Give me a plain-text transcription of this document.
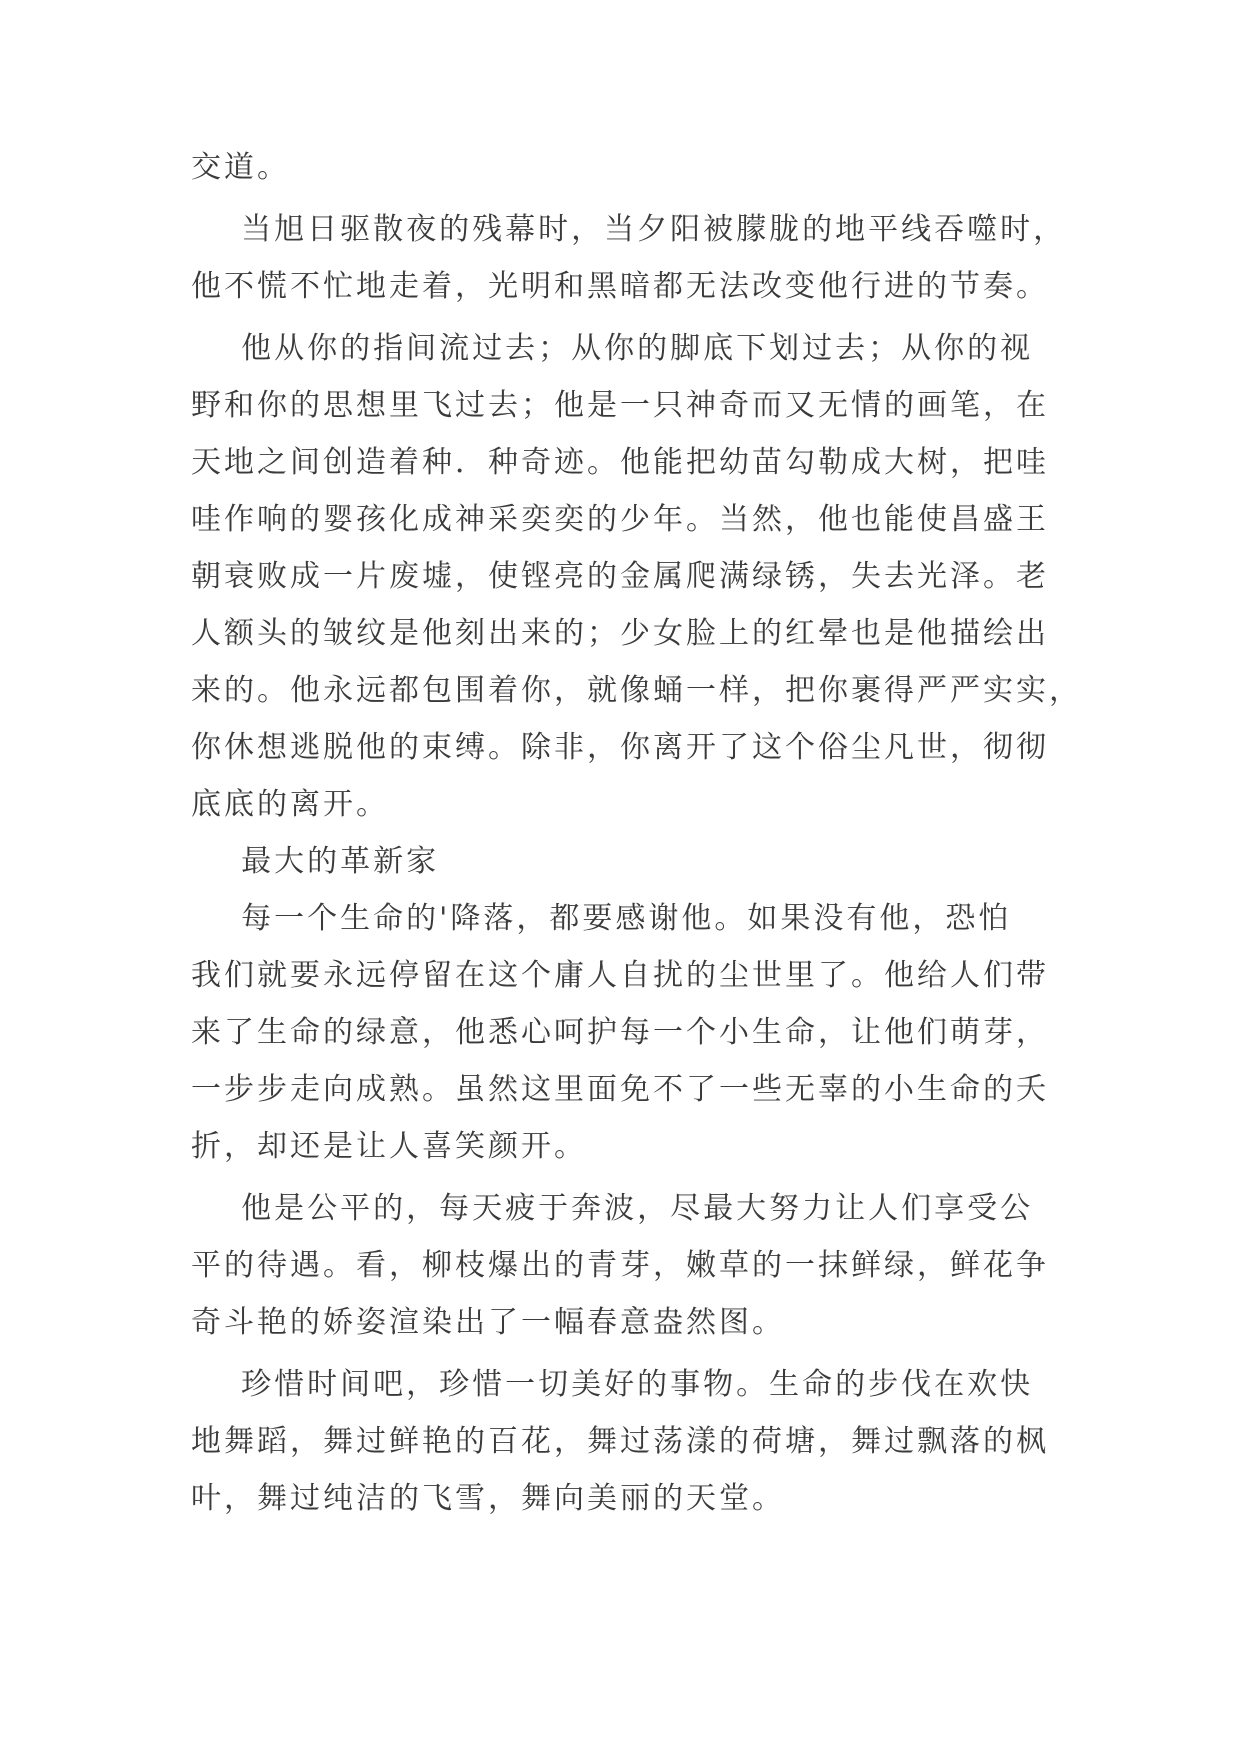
交道。
当旭日驱散夜的残幕时，当夕阳被朦胧的地平线吞噬时，
他不慌不忙地走着，光明和黑暗都无法改变他行进的节奏。
他从你的指间流过去；从你的脚底下划过去；从你的视
野和你的思想里飞过去；他是一只神奇而又无情的画笔，在
天地之间创造着种．种奇迹。他能把幼苗勾勒成大树，把哇
哇作响的婴孩化成神采奕奕的少年。当然，他也能使昌盛王
朝衰败成一片废墟，使铿亮的金属爬满绿锈，失去光泽。老
人额头的皱纹是他刻出来的；少女脸上的红晕也是他描绘出
来的。他永远都包围着你，就像蛹一样，把你裹得严严实实，
你休想逃脱他的束缚。除非，你离开了这个俗尘凡世，彻彻
底底的离开。
最大的革新家
每一个生命的'降落，都要感谢他。如果没有他，恐怕
我们就要永远停留在这个庸人自扰的尘世里了。他给人们带
来了生命的绿意，他悉心呵护每一个小生命，让他们萌芽，
一步步走向成熟。虽然这里面免不了一些无辜的小生命的夭
折，却还是让人喜笑颜开。
他是公平的，每天疲于奔波，尽最大努力让人们享受公
平的待遇。看，柳枝爆出的青芽，嫩草的一抹鲜绿，鲜花争
奇斗艳的娇姿渲染出了一幅春意盎然图。
珍惜时间吧，珍惜一切美好的事物。生命的步伐在欢快
地舞蹈，舞过鲜艳的百花，舞过荡漾的荷塘，舞过飘落的枫
叶，舞过纯洁的飞雪，舞向美丽的天堂。
